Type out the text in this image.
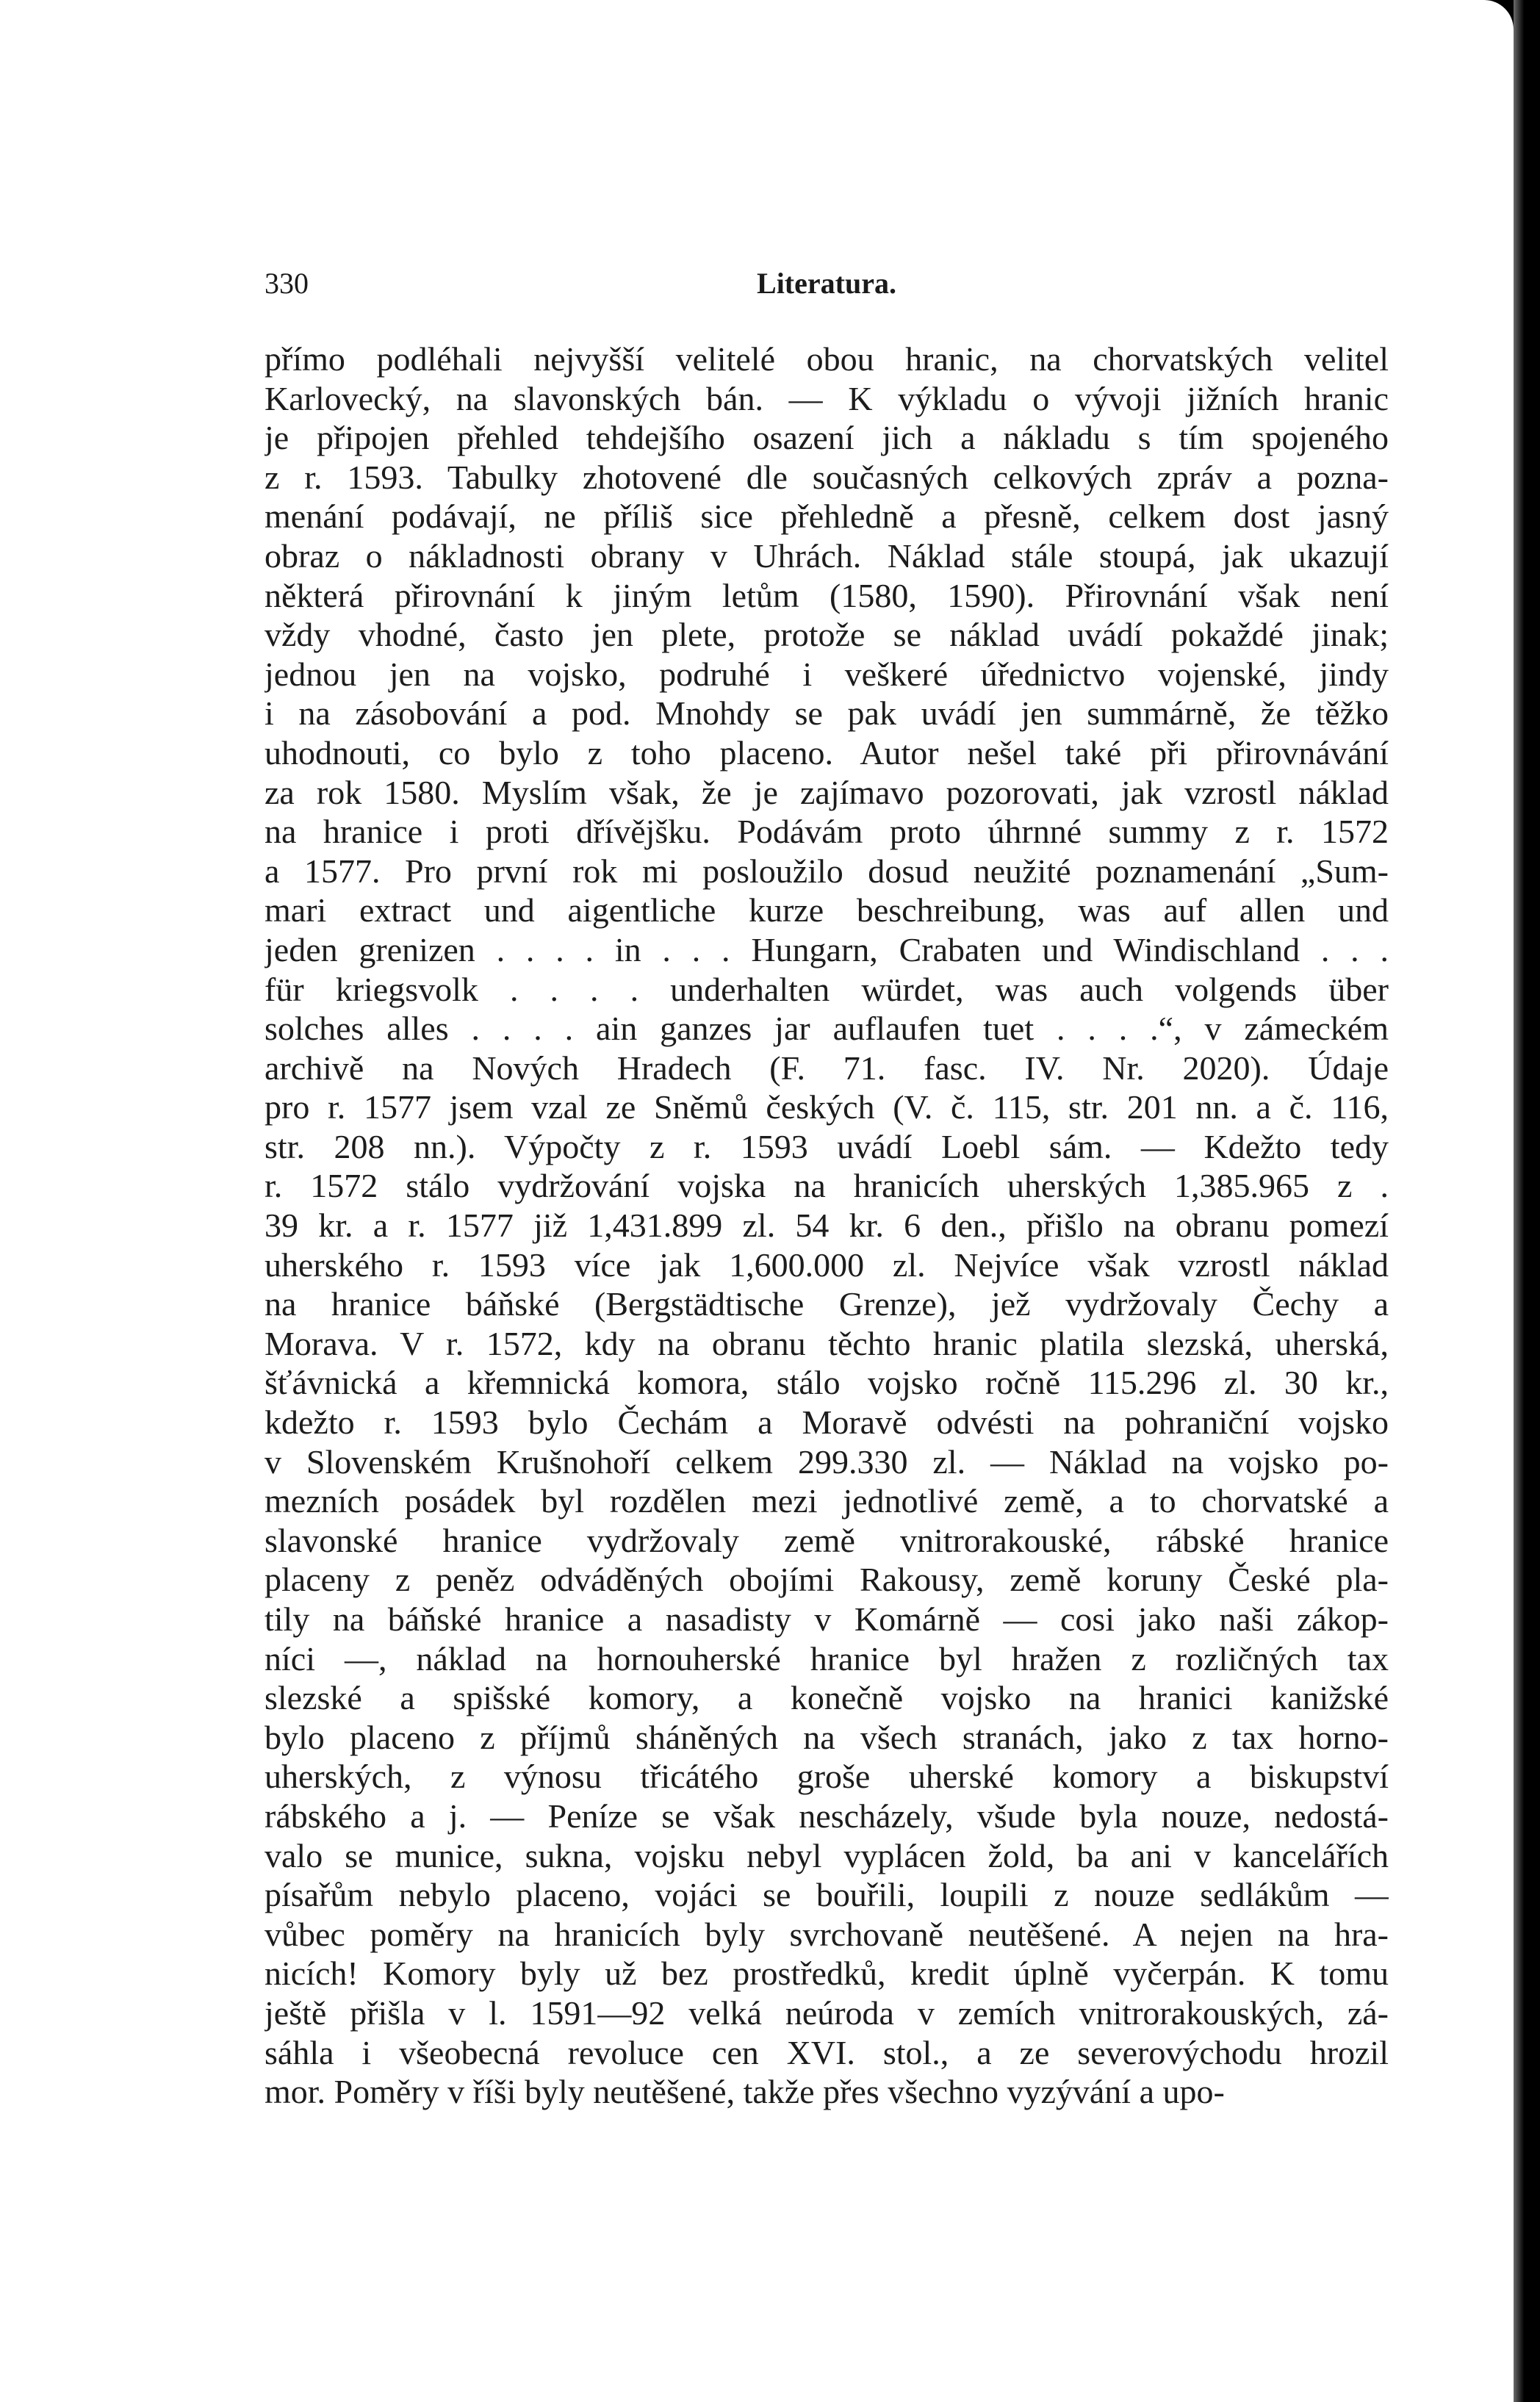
330	Literatura.
přímo podléhali nejvyšší velitelé obou hranic, na chorvatských velitel
Karlovecký, na slavonských bán. — K výkladu o vývoji jižních hranic
je připojen přehled tehdejšího osazení jich a nákladu s tím spojeného
z r. 1593. Tabulky zhotovené dle současných celkových zpráv a pozna-
menání podávají, ne příliš sice přehledně a přesně, celkem dost jasný
obraz o nákladnosti obrany v Uhrách. Náklad stále stoupá, jak ukazují
některá přirovnání k jiným letům (1580, 1590). Přirovnání však není
vždy vhodné, často jen plete, protože se náklad uvádí pokaždé jinak;
jednou jen na vojsko, podruhé i veškeré úřednictvo vojenské, jindy
i na zásobování a pod. Mnohdy se pak uvádí jen summárně, že těžko
uhodnouti, co bylo z toho placeno. Autor nešel také při přirovnávání
za rok 1580. Myslím však, že je zajímavo pozorovati, jak vzrostl náklad
na hranice i proti dřívějšku. Podávám proto úhrnné summy z r. 1572
a 1577. Pro první rok mi posloužilo dosud neužité poznamenání „Sum-
mari extract und aigentliche kurze beschreibung, was auf allen und
jeden grenizen . . . . in . . . Hungarn, Crabaten und Windischland . . .
für kriegsvolk . . . . underhalten würdet, was auch volgends über
solches alles . . . . ain ganzes jar auflaufen tuet . . . .“, v zámeckém
archivě na Nových Hradech (F. 71. fasc. IV. Nr. 2020). Údaje
pro r. 1577 jsem vzal ze Sněmů českých (V. č. 115, str. 201 nn. a č. 116,
str. 208 nn.). Výpočty z r. 1593 uvádí Loebl sám. — Kdežto tedy
r. 1572 stálo vydržování vojska na hranicích uherských 1,385.965 z .
39 kr. a r. 1577 již 1,431.899 zl. 54 kr. 6 den., přišlo na obranu pomezí
uherského r. 1593 více jak 1,600.000 zl. Nejvíce však vzrostl náklad
na hranice báňské (Bergstädtische Grenze), jež vydržovaly Čechy a
Morava. V r. 1572, kdy na obranu těchto hranic platila slezská, uherská,
šťávnická a křemnická komora, stálo vojsko ročně 115.296 zl. 30 kr.,
kdežto r. 1593 bylo Čechám a Moravě odvésti na pohraniční vojsko
v Slovenském Krušnohoří celkem 299.330 zl. — Náklad na vojsko po-
mezních posádek byl rozdělen mezi jednotlivé země, a to chorvatské a
slavonské hranice vydržovaly země vnitrorakouské, rábské hranice
placeny z peněz odváděných obojími Rakousy, země koruny České pla-
tily na báňské hranice a nasadisty v Komárně — cosi jako naši zákop-
níci —, náklad na hornouherské hranice byl hražen z rozličných tax
slezské a spišské komory, a konečně vojsko na hranici kanižské
bylo placeno z příjmů sháněných na všech stranách, jako z tax horno-
uherských, z výnosu třicátého groše uherské komory a biskupství
rábského a j. — Peníze se však nescházely, všude byla nouze, nedostá-
valo se munice, sukna, vojsku nebyl vyplácen žold, ba ani v kancelářích
písařům nebylo placeno, vojáci se bouřili, loupili z nouze sedlákům —
vůbec poměry na hranicích byly svrchovaně neutěšené. A nejen na hra-
nicích! Komory byly už bez prostředků, kredit úplně vyčerpán. K tomu
ještě přišla v l. 1591—92 velká neúroda v zemích vnitrorakouských, zá-
sáhla i všeobecná revoluce cen XVI. stol., a ze severovýchodu hrozil
mor. Poměry v říši byly neutěšené, takže přes všechno vyzývání a upo-
